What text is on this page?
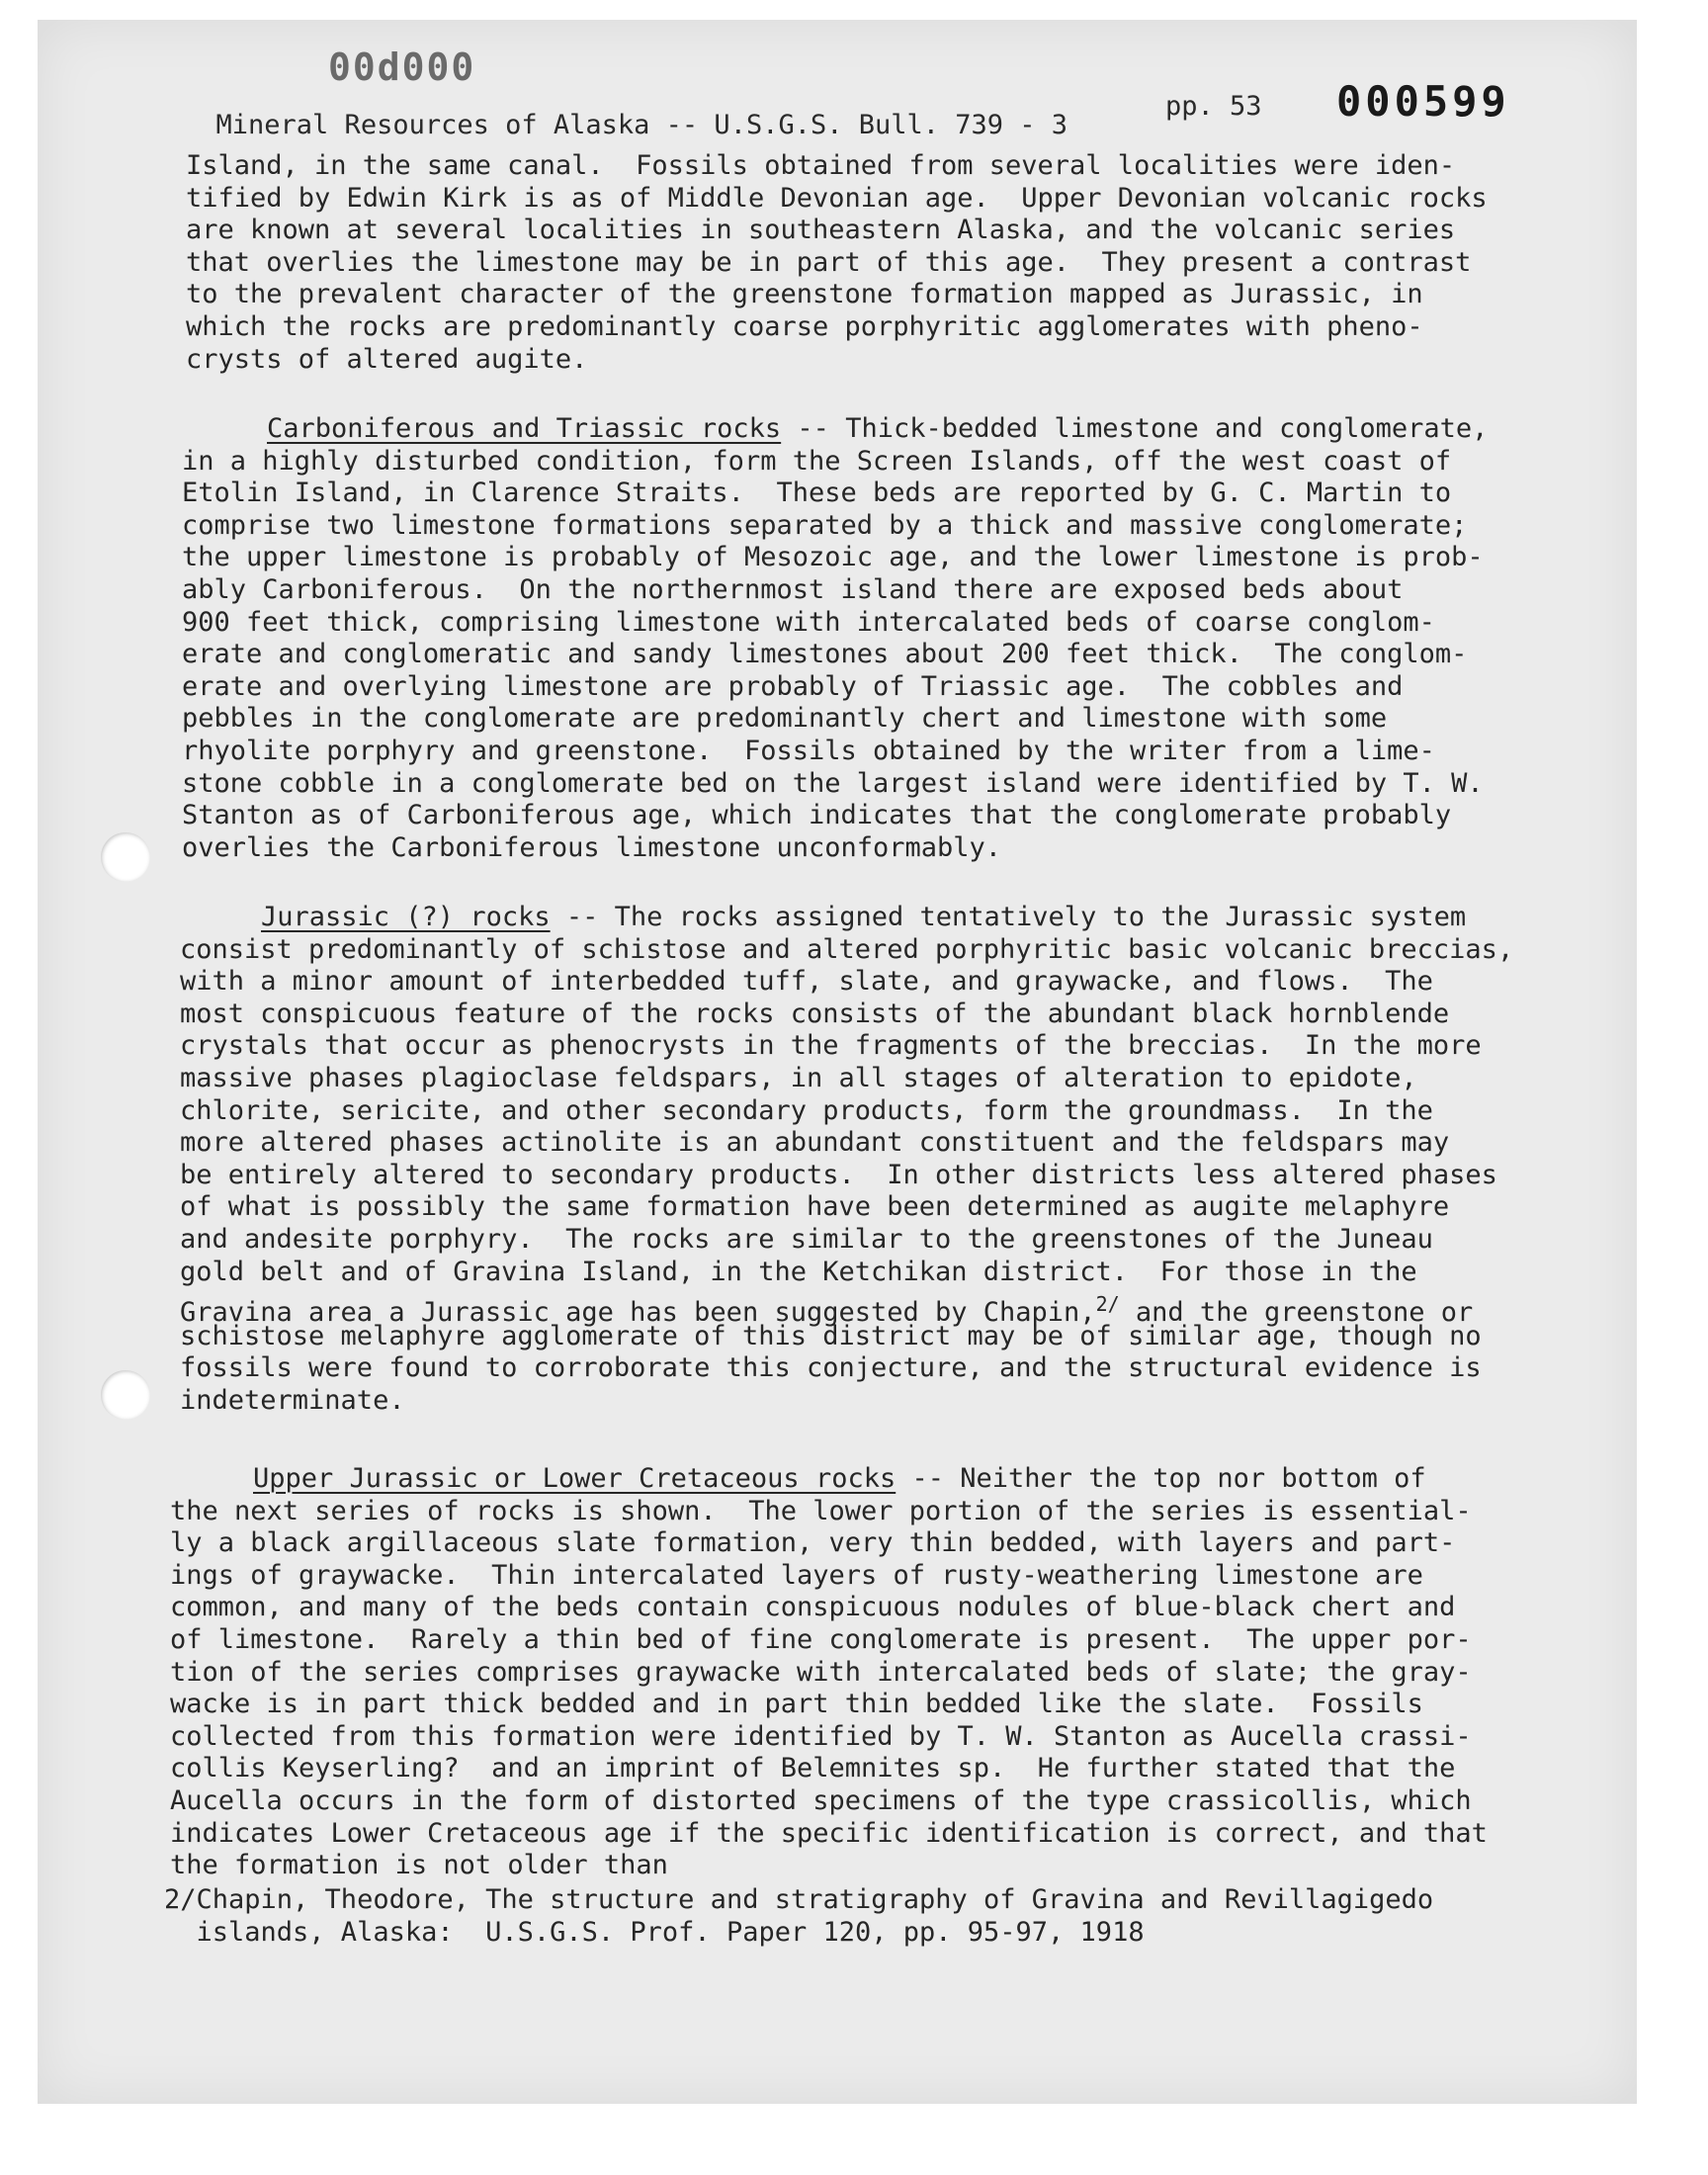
00d000
000599

Mineral Resources of Alaska -- U.S.G.S. Bull. 739 - 3

pp. 53

Island, in the same canal.  Fossils obtained from several localities were iden-
tified by Edwin Kirk is as of Middle Devonian age.  Upper Devonian volcanic rocks
are known at several localities in southeastern Alaska, and the volcanic series
that overlies the limestone may be in part of this age.  They present a contrast
to the prevalent character of the greenstone formation mapped as Jurassic, in
which the rocks are predominantly coarse porphyritic agglomerates with pheno-
crysts of altered augite.
Carboniferous and Triassic rocks -- Thick-bedded limestone and conglomerate,
in a highly disturbed condition, form the Screen Islands, off the west coast of
Etolin Island, in Clarence Straits.  These beds are reported by G. C. Martin to
comprise two limestone formations separated by a thick and massive conglomerate;
the upper limestone is probably of Mesozoic age, and the lower limestone is prob-
ably Carboniferous.  On the northernmost island there are exposed beds about
900 feet thick, comprising limestone with intercalated beds of coarse conglom-
erate and conglomeratic and sandy limestones about 200 feet thick.  The conglom-
erate and overlying limestone are probably of Triassic age.  The cobbles and
pebbles in the conglomerate are predominantly chert and limestone with some
rhyolite porphyry and greenstone.  Fossils obtained by the writer from a lime-
stone cobble in a conglomerate bed on the largest island were identified by T. W.
Stanton as of Carboniferous age, which indicates that the conglomerate probably
overlies the Carboniferous limestone unconformably.
Jurassic (?) rocks -- The rocks assigned tentatively to the Jurassic system
consist predominantly of schistose and altered porphyritic basic volcanic breccias,
with a minor amount of interbedded tuff, slate, and graywacke, and flows.  The
most conspicuous feature of the rocks consists of the abundant black hornblende
crystals that occur as phenocrysts in the fragments of the breccias.  In the more
massive phases plagioclase feldspars, in all stages of alteration to epidote,
chlorite, sericite, and other secondary products, form the groundmass.  In the
more altered phases actinolite is an abundant constituent and the feldspars may
be entirely altered to secondary products.  In other districts less altered phases
of what is possibly the same formation have been determined as augite melaphyre
and andesite porphyry.  The rocks are similar to the greenstones of the Juneau
gold belt and of Gravina Island, in the Ketchikan district.  For those in the
Gravina area a Jurassic age has been suggested by Chapin,$^{2/}$ and the greenstone or
schistose melaphyre agglomerate of this district may be of similar age, though no
fossils were found to corroborate this conjecture, and the structural evidence is
indeterminate.
Upper Jurassic or Lower Cretaceous rocks -- Neither the top nor bottom of
the next series of rocks is shown.  The lower portion of the series is essential-
ly a black argillaceous slate formation, very thin bedded, with layers and part-
ings of graywacke.  Thin intercalated layers of rusty-weathering limestone are
common, and many of the beds contain conspicuous nodules of blue-black chert and
of limestone.  Rarely a thin bed of fine conglomerate is present.  The upper por-
tion of the series comprises graywacke with intercalated beds of slate; the gray-
wacke is in part thick bedded and in part thin bedded like the slate.  Fossils
collected from this formation were identified by T. W. Stanton as Aucella crassi-
collis Keyserling?  and an imprint of Belemnites sp.  He further stated that the
Aucella occurs in the form of distorted specimens of the type crassicollis, which
indicates Lower Cretaceous age if the specific identification is correct, and that
the formation is not older than
2/Chapin, Theodore, The structure and stratigraphy of Gravina and Revillagigedo
islands, Alaska:  U.S.G.S. Prof. Paper 120, pp. 95-97, 1918
